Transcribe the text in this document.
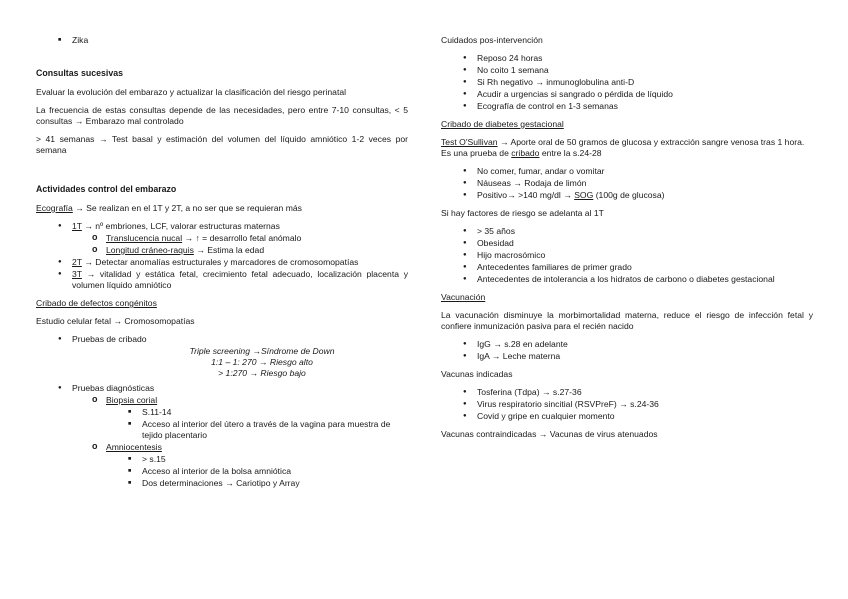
■ Zika
Consultas sucesivas

Evaluar la evolución del embarazo y actualizar la clasificación del riesgo perinatal

La frecuencia de estas consultas depende de las necesidades, pero entre 7-10 consultas, < 5 consultas → Embarazo mal controlado

> 41 semanas → Test basal y estimación del volumen del líquido amniótico 1-2 veces por semana

Actividades control del embarazo

Ecografía → Se realizan en el 1T y 2T, a no ser que se requieran más

● 1T → nº embriones, LCF, valorar estructuras maternas
o Translucencia nucal → ↑ = desarrollo fetal anómalo
o Longitud cráneo-raquis → Estima la edad
● 2T → Detectar anomalías estructurales y marcadores de cromosomopatías
● 3T → vitalidad y estática fetal, crecimiento fetal adecuado, localización placenta y volumen líquido amniótico

Cribado de defectos congénitos

Estudio celular fetal → Cromosomopatías

● Pruebas de cribado
Triple screening →Síndrome de Down
1:1 – 1: 270 → Riesgo alto
> 1:270 → Riesgo bajo
● Pruebas diagnósticas
o Biopsia corial
■ S.11-14
■ Acceso al interior del útero a través de la vagina para muestra de tejido placentario
o Amniocentesis
■ > s.15
■ Acceso al interior de la bolsa amniótica
■ Dos determinaciones → Cariotipo y Array

Cuidados pos-intervención

● Reposo 24 horas
● No coito 1 semana
● Si Rh negativo → inmunoglobulina anti-D
● Acudir a urgencias si sangrado o pérdida de líquido
● Ecografía de control en 1-3 semanas

Cribado de diabetes gestacional

Test O'Sullivan → Aporte oral de 50 gramos de glucosa y extracción sangre venosa tras 1 hora. Es una prueba de cribado entre la s.24-28

● No comer, fumar, andar o vomitar
● Náuseas → Rodaja de limón
● Positivo→ >140 mg/dl → SOG (100g de glucosa)

Si hay factores de riesgo se adelanta al 1T

● > 35 años
● Obesidad
● Hijo macrosómico
● Antecedentes familiares de primer grado
● Antecedentes de intolerancia a los hidratos de carbono o diabetes gestacional

Vacunación

La vacunación disminuye la morbimortalidad materna, reduce el riesgo de infección fetal y confiere inmunización pasiva para el recién nacido

● IgG → s.28 en adelante
● IgA → Leche materna

Vacunas indicadas

● Tosferina (Tdpa) → s.27-36
● Virus respiratorio sincitial (RSVPreF) → s.24-36
● Covid y gripe en cualquier momento

Vacunas contraindicadas → Vacunas de virus atenuados
